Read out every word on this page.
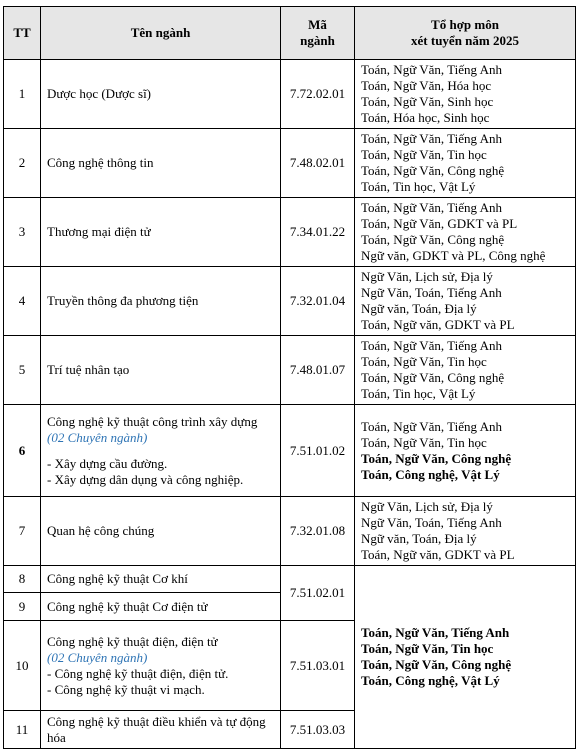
TT	Tên ngành	Mã
ngành	Tổ hợp môn
xét tuyển năm 2025

1	Dược học (Dược sĩ)	7.72.02.01	Toán, Ngữ Văn, Tiếng Anh
Toán, Ngữ Văn, Hóa học
Toán, Ngữ Văn, Sinh học
Toán, Hóa học, Sinh học

2	Công nghệ thông tin	7.48.02.01	Toán, Ngữ Văn, Tiếng Anh
Toán, Ngữ Văn, Tin học
Toán, Ngữ Văn, Công nghệ
Toán, Tin học, Vật Lý

3	Thương mại điện tử	7.34.01.22	Toán, Ngữ Văn, Tiếng Anh
Toán, Ngữ Văn, GDKT và PL
Toán, Ngữ Văn, Công nghệ
Ngữ văn, GDKT và PL, Công nghệ

4	Truyền thông đa phương tiện	7.32.01.04	Ngữ Văn, Lịch sử, Địa lý
Ngữ Văn, Toán, Tiếng Anh
Ngữ văn, Toán, Địa lý
Toán, Ngữ văn, GDKT và PL

5	Trí tuệ nhân tạo	7.48.01.07	Toán, Ngữ Văn, Tiếng Anh
Toán, Ngữ Văn, Tin học
Toán, Ngữ Văn, Công nghệ
Toán, Tin học, Vật Lý

6	Công nghệ kỹ thuật công trình xây dựng
(02 Chuyên ngành)
- Xây dựng cầu đường.
- Xây dựng dân dụng và công nghiệp.	7.51.01.02	Toán, Ngữ Văn, Tiếng Anh
Toán, Ngữ Văn, Tin học
Toán, Ngữ Văn, Công nghệ
Toán, Công nghệ, Vật Lý

7	Quan hệ công chúng	7.32.01.08	Ngữ Văn, Lịch sử, Địa lý
Ngữ Văn, Toán, Tiếng Anh
Ngữ văn, Toán, Địa lý
Toán, Ngữ văn, GDKT và PL

8	Công nghệ kỹ thuật Cơ khí	7.51.02.01	Toán, Ngữ Văn, Tiếng Anh
Toán, Ngữ Văn, Tin học
Toán, Ngữ Văn, Công nghệ
Toán, Công nghệ, Vật Lý

9	Công nghệ kỹ thuật Cơ điện tử		
10	Công nghệ kỹ thuật điện, điện tử
(02 Chuyên ngành)
- Công nghệ kỹ thuật điện, điện tử.
- Công nghệ kỹ thuật vi mạch.	7.51.03.01	
11	Công nghệ kỹ thuật điều khiển và tự động hóa	7.51.03.03	
